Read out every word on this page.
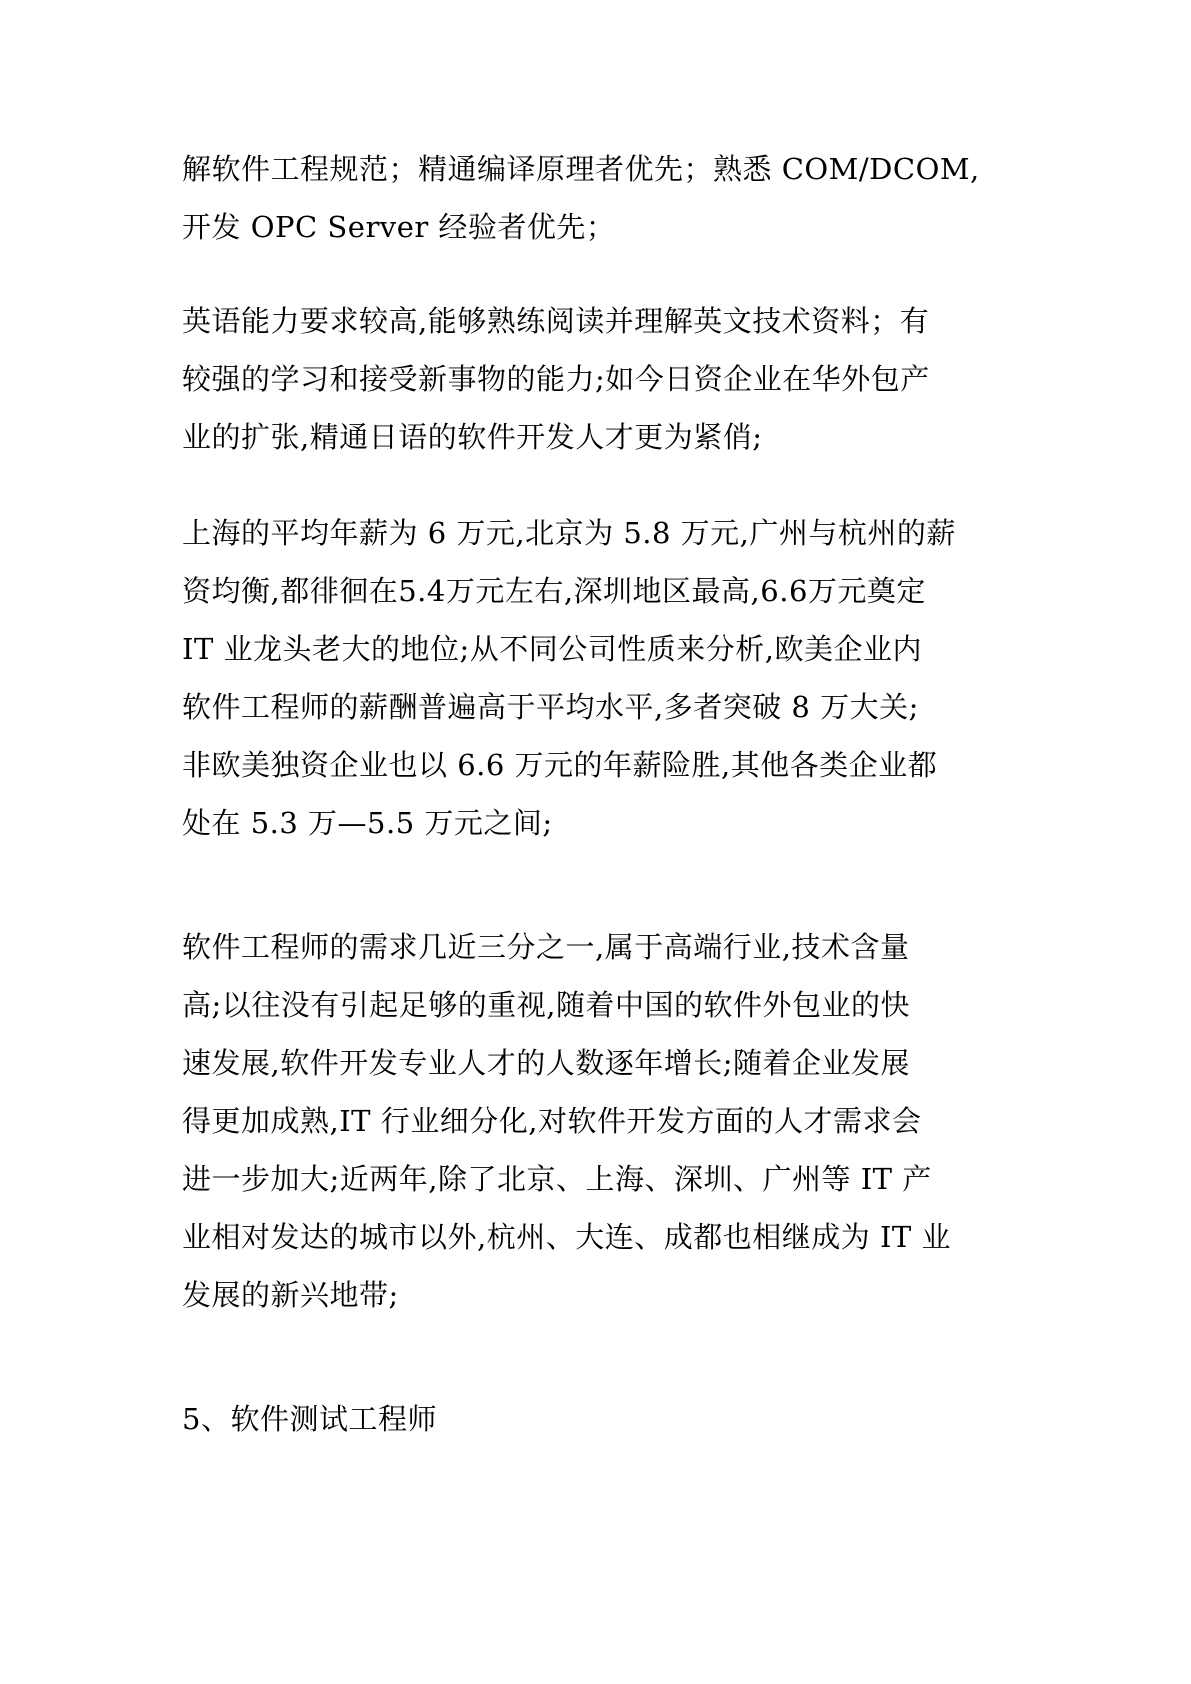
解软件工程规范；精通编译原理者优先；熟悉 COM/DCOM,
开发 OPC Server 经验者优先；
英语能力要求较高,能够熟练阅读并理解英文技术资料；有
较强的学习和接受新事物的能力;如今日资企业在华外包产
业的扩张,精通日语的软件开发人才更为紧俏;
上海的平均年薪为 6 万元,北京为 5.8 万元,广州与杭州的薪
资均衡,都徘徊在5.4万元左右,深圳地区最高,6.6万元奠定
IT 业龙头老大的地位;从不同公司性质来分析,欧美企业内
软件工程师的薪酬普遍高于平均水平,多者突破 8 万大关;
非欧美独资企业也以 6.6 万元的年薪险胜,其他各类企业都
处在 5.3 万—5.5 万元之间;
软件工程师的需求几近三分之一,属于高端行业,技术含量
高;以往没有引起足够的重视,随着中国的软件外包业的快
速发展,软件开发专业人才的人数逐年增长;随着企业发展
得更加成熟,IT 行业细分化,对软件开发方面的人才需求会
进一步加大;近两年,除了北京、上海、深圳、广州等 IT 产
业相对发达的城市以外,杭州、大连、成都也相继成为 IT 业
发展的新兴地带;
5、软件测试工程师
